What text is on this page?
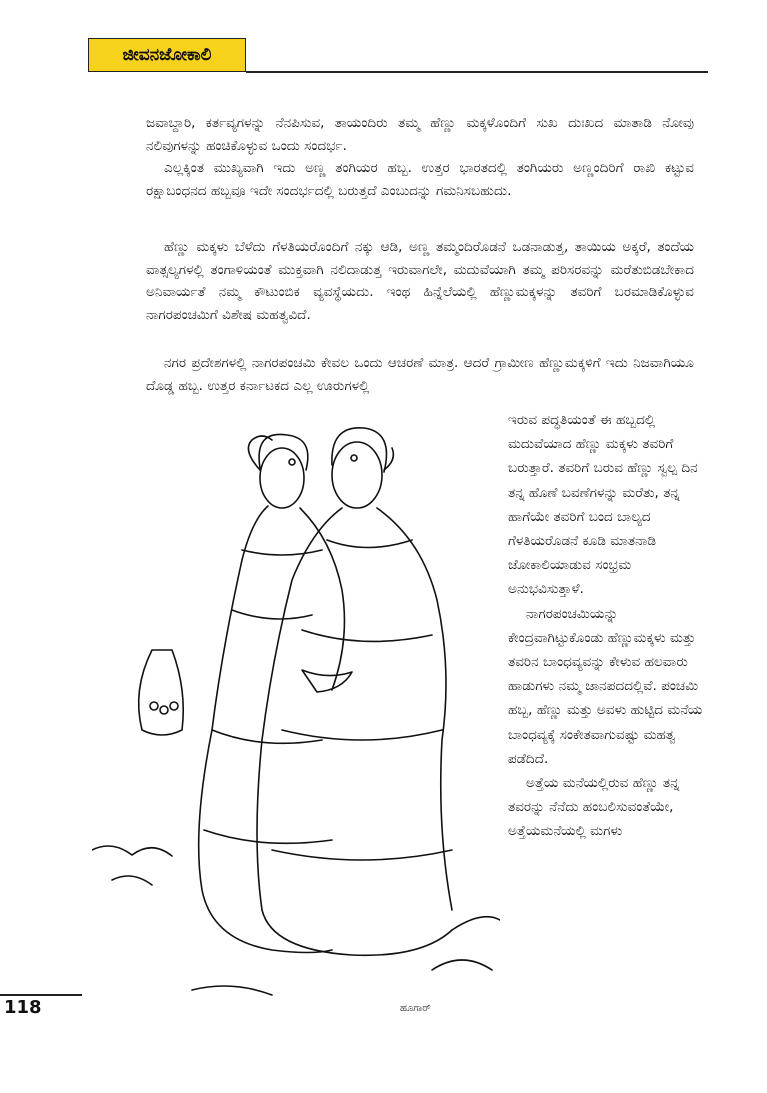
ಜೀವನಜೋಕಾಲಿ

ಜವಾಬ್ದಾರಿ, ಕರ್ತವ್ಯಗಳನ್ನು ನೆನಪಿಸುವ, ತಾಯಂದಿರು ತಮ್ಮ ಹೆಣ್ಣು ಮಕ್ಕಳೊಂದಿಗೆ ಸುಖ ದುಃಖದ ಮಾತಾಡಿ ನೋವು ನಲಿವುಗಳನ್ನು ಹಂಚಿಕೊಳ್ಳುವ ಒಂದು ಸಂದರ್ಭ.

ಎಲ್ಲಕ್ಕಿಂತ ಮುಖ್ಯವಾಗಿ ಇದು ಅಣ್ಣ ತಂಗಿಯರ ಹಬ್ಬ. ಉತ್ತರ ಭಾರತದಲ್ಲಿ ತಂಗಿಯರು ಅಣ್ಣಂದಿರಿಗೆ ರಾಖಿ ಕಟ್ಟುವ ರಕ್ಷಾಬಂಧನದ ಹಬ್ಬವೂ ಇದೇ ಸಂದರ್ಭದಲ್ಲಿ ಬರುತ್ತದೆ ಎಂಬುದನ್ನು ಗಮನಿಸಬಹುದು.

ಹೆಣ್ಣು ಮಕ್ಕಳು ಬೆಳೆದು ಗೆಳತಿಯರೊಂದಿಗೆ ನಕ್ಕು ಆಡಿ, ಅಣ್ಣ ತಮ್ಮಂದಿರೊಡನೆ ಒಡನಾಡುತ್ತ, ತಾಯಿಯ ಅಕ್ಕರೆ, ತಂದೆಯ ವಾತ್ಸಲ್ಯಗಳಲ್ಲಿ ತಂಗಾಳಿಯಂತೆ ಮುಕ್ತವಾಗಿ ನಲಿದಾಡುತ್ತ ಇರುವಾಗಲೇ, ಮದುವೆಯಾಗಿ ತಮ್ಮ ಪರಿಸರವನ್ನು ಮರೆತುಬಿಡಬೇಕಾದ ಅನಿವಾರ್ಯತೆ ನಮ್ಮ ಕೌಟುಂಬಿಕ ವ್ಯವಸ್ಥೆಯದು. ಇಂಥ ಹಿನ್ನೆಲೆಯಲ್ಲಿ ಹೆಣ್ಣುಮಕ್ಕಳನ್ನು ತವರಿಗೆ ಬರಮಾಡಿಕೊಳ್ಳುವ ನಾಗರಪಂಚಮಿಗೆ ವಿಶೇಷ ಮಹತ್ವವಿದೆ.

ನಗರ ಪ್ರದೇಶಗಳಲ್ಲಿ ನಾಗರಪಂಚಮಿ ಕೇವಲ ಒಂದು ಆಚರಣೆ ಮಾತ್ರ. ಆದರೆ ಗ್ರಾಮೀಣ ಹೆಣ್ಣುಮಕ್ಕಳಿಗೆ ಇದು ನಿಜವಾಗಿಯೂ ದೊಡ್ಡ ಹಬ್ಬ. ಉತ್ತರ ಕರ್ನಾಟಕದ ಎಲ್ಲ ಊರುಗಳಲ್ಲಿ

ಇರುವ ಪದ್ಧತಿಯಂತೆ ಈ ಹಬ್ಬದಲ್ಲಿ ಮದುವೆಯಾದ ಹೆಣ್ಣು ಮಕ್ಕಳು ತವರಿಗೆ ಬರುತ್ತಾರೆ. ತವರಿಗೆ ಬರುವ ಹೆಣ್ಣು ಸ್ವಲ್ಪ ದಿನ ತನ್ನ ಹೊಣೆ ಬವಣೆಗಳನ್ನು ಮರೆತು, ತನ್ನ ಹಾಗೆಯೇ ತವರಿಗೆ ಬಂದ ಬಾಲ್ಯದ ಗೆಳತಿಯರೊಡನೆ ಕೂಡಿ ಮಾತನಾಡಿ ಜೋಕಾಲಿಯಾಡುವ ಸಂಭ್ರಮ ಅನುಭವಿಸುತ್ತಾಳೆ.

ನಾಗರಪಂಚಮಿಯನ್ನು ಕೇಂದ್ರವಾಗಿಟ್ಟುಕೊಂಡು ಹೆಣ್ಣುಮಕ್ಕಳು ಮತ್ತು ತವರಿನ ಬಾಂಧವ್ಯವನ್ನು ಕೇಳುವ ಹಲವಾರು ಹಾಡುಗಳು ನಮ್ಮ ಜಾನಪದದಲ್ಲಿವೆ. ಪಂಚಮಿ ಹಬ್ಬ, ಹೆಣ್ಣು ಮತ್ತು ಅವಳು ಹುಟ್ಟಿದ ಮನೆಯ ಬಾಂಧವ್ಯಕ್ಕೆ ಸಂಕೇತವಾಗುವಷ್ಟು ಮಹತ್ವ ಪಡೆದಿದೆ.

ಅತ್ತೆಯ ಮನೆಯಲ್ಲಿರುವ ಹೆಣ್ಣು ತನ್ನ ತವರನ್ನು ನೆನೆದು ಹಂಬಲಿಸುವಂತೆಯೇ, ಅತ್ತೆಯಮನೆಯಲ್ಲಿ ಮಗಳು

ಹೂಗಾರ್
118
